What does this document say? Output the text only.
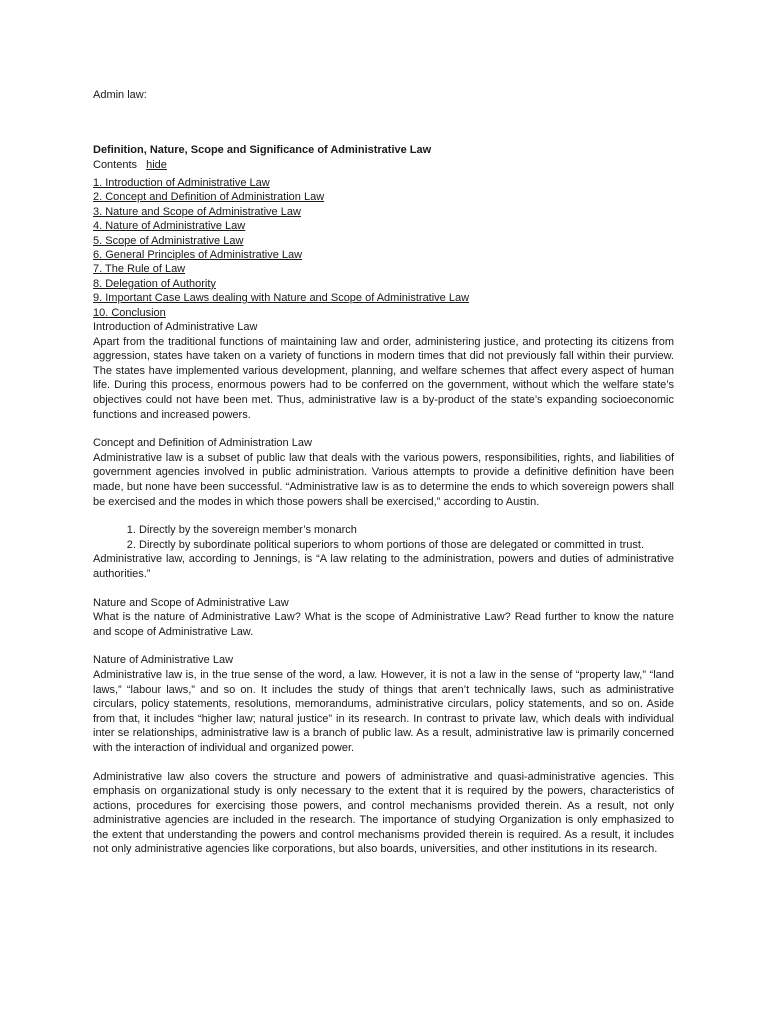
Admin law:
Definition, Nature, Scope and Significance of Administrative Law
Contents hide
1. Introduction of Administrative Law
2. Concept and Definition of Administration Law
3. Nature and Scope of Administrative Law
4. Nature of Administrative Law
5. Scope of Administrative Law
6. General Principles of Administrative Law
7. The Rule of Law
8. Delegation of Authority
9. Important Case Laws dealing with Nature and Scope of Administrative Law
10. Conclusion
Introduction of Administrative Law

Apart from the traditional functions of maintaining law and order, administering justice, and protecting its citizens from aggression, states have taken on a variety of functions in modern times that did not previously fall within their purview. The states have implemented various development, planning, and welfare schemes that affect every aspect of human life. During this process, enormous powers had to be conferred on the government, without which the welfare state’s objectives could not have been met. Thus, administrative law is a by-product of the state’s expanding socioeconomic functions and increased powers.

Concept and Definition of Administration Law

Administrative law is a subset of public law that deals with the various powers, responsibilities, rights, and liabilities of government agencies involved in public administration. Various attempts to provide a definitive definition have been made, but none have been successful. “Administrative law is as to determine the ends to which sovereign powers shall be exercised and the modes in which those powers shall be exercised,” according to Austin.

1. Directly by the sovereign member’s monarch
2. Directly by subordinate political superiors to whom portions of those are delegated or committed in trust.

Administrative law, according to Jennings, is “A law relating to the administration, powers and duties of administrative authorities.”

Nature and Scope of Administrative Law

What is the nature of Administrative Law? What is the scope of Administrative Law? Read further to know the nature and scope of Administrative Law.

Nature of Administrative Law

Administrative law is, in the true sense of the word, a law. However, it is not a law in the sense of “property law,” “land laws,” “labour laws,” and so on. It includes the study of things that aren’t technically laws, such as administrative circulars, policy statements, resolutions, memorandums, administrative circulars, policy statements, and so on. Aside from that, it includes “higher law; natural justice” in its research. In contrast to private law, which deals with individual inter se relationships, administrative law is a branch of public law. As a result, administrative law is primarily concerned with the interaction of individual and organized power.

Administrative law also covers the structure and powers of administrative and quasi-administrative agencies. This emphasis on organizational study is only necessary to the extent that it is required by the powers, characteristics of actions, procedures for exercising those powers, and control mechanisms provided therein. As a result, not only administrative agencies are included in the research. The importance of studying Organization is only emphasized to the extent that understanding the powers and control mechanisms provided therein is required. As a result, it includes not only administrative agencies like corporations, but also boards, universities, and other institutions in its research.
